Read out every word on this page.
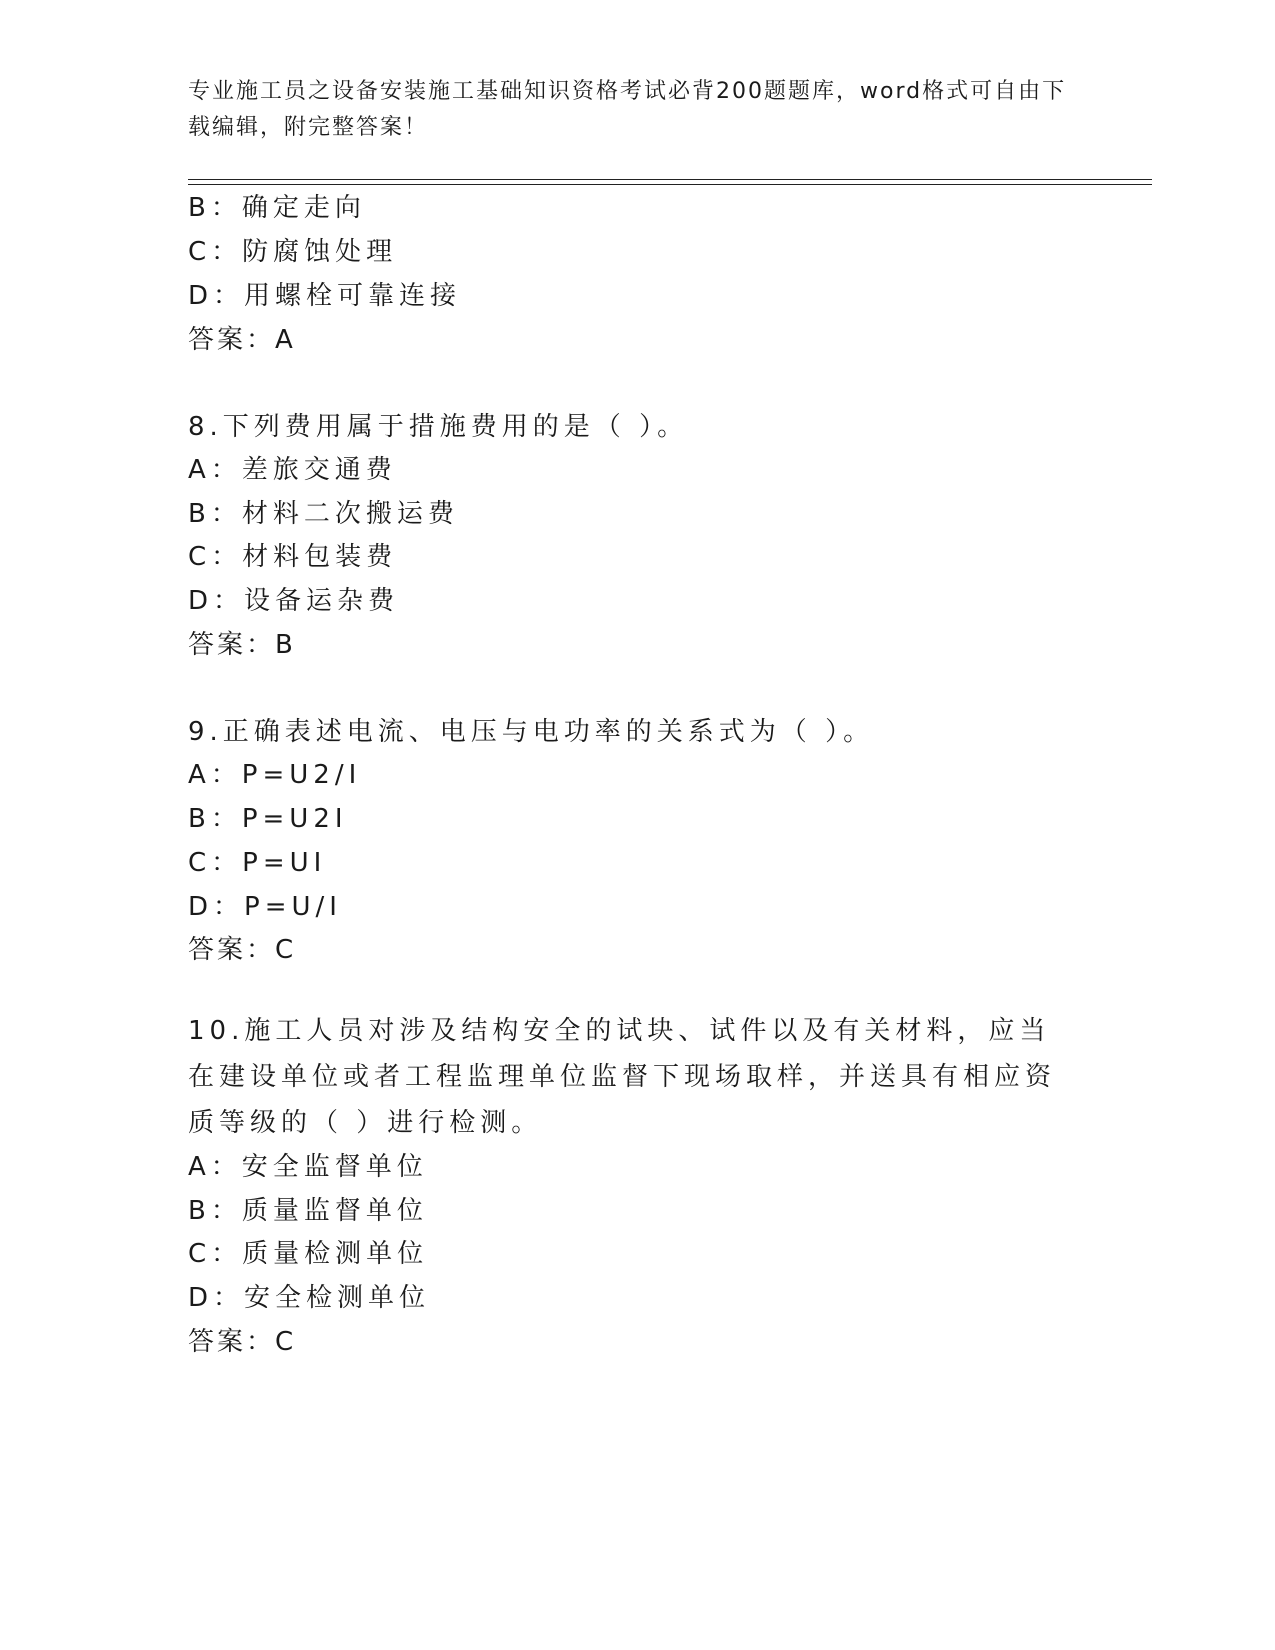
专业施工员之设备安装施工基础知识资格考试必背200题题库，word格式可自由下载编辑，附完整答案！
B：确定走向
C：防腐蚀处理
D：用螺栓可靠连接
答案：A
8.下列费用属于措施费用的是（ ）。
A：差旅交通费
B：材料二次搬运费
C：材料包装费
D：设备运杂费
答案：B
9.正确表述电流、电压与电功率的关系式为（ ）。
A：P=U2/I
B：P=U2I
C：P=UI
D：P=U/I
答案：C
10.施工人员对涉及结构安全的试块、试件以及有关材料，应当在建设单位或者工程监理单位监督下现场取样，并送具有相应资质等级的（ ）进行检测。
A：安全监督单位
B：质量监督单位
C：质量检测单位
D：安全检测单位
答案：C
